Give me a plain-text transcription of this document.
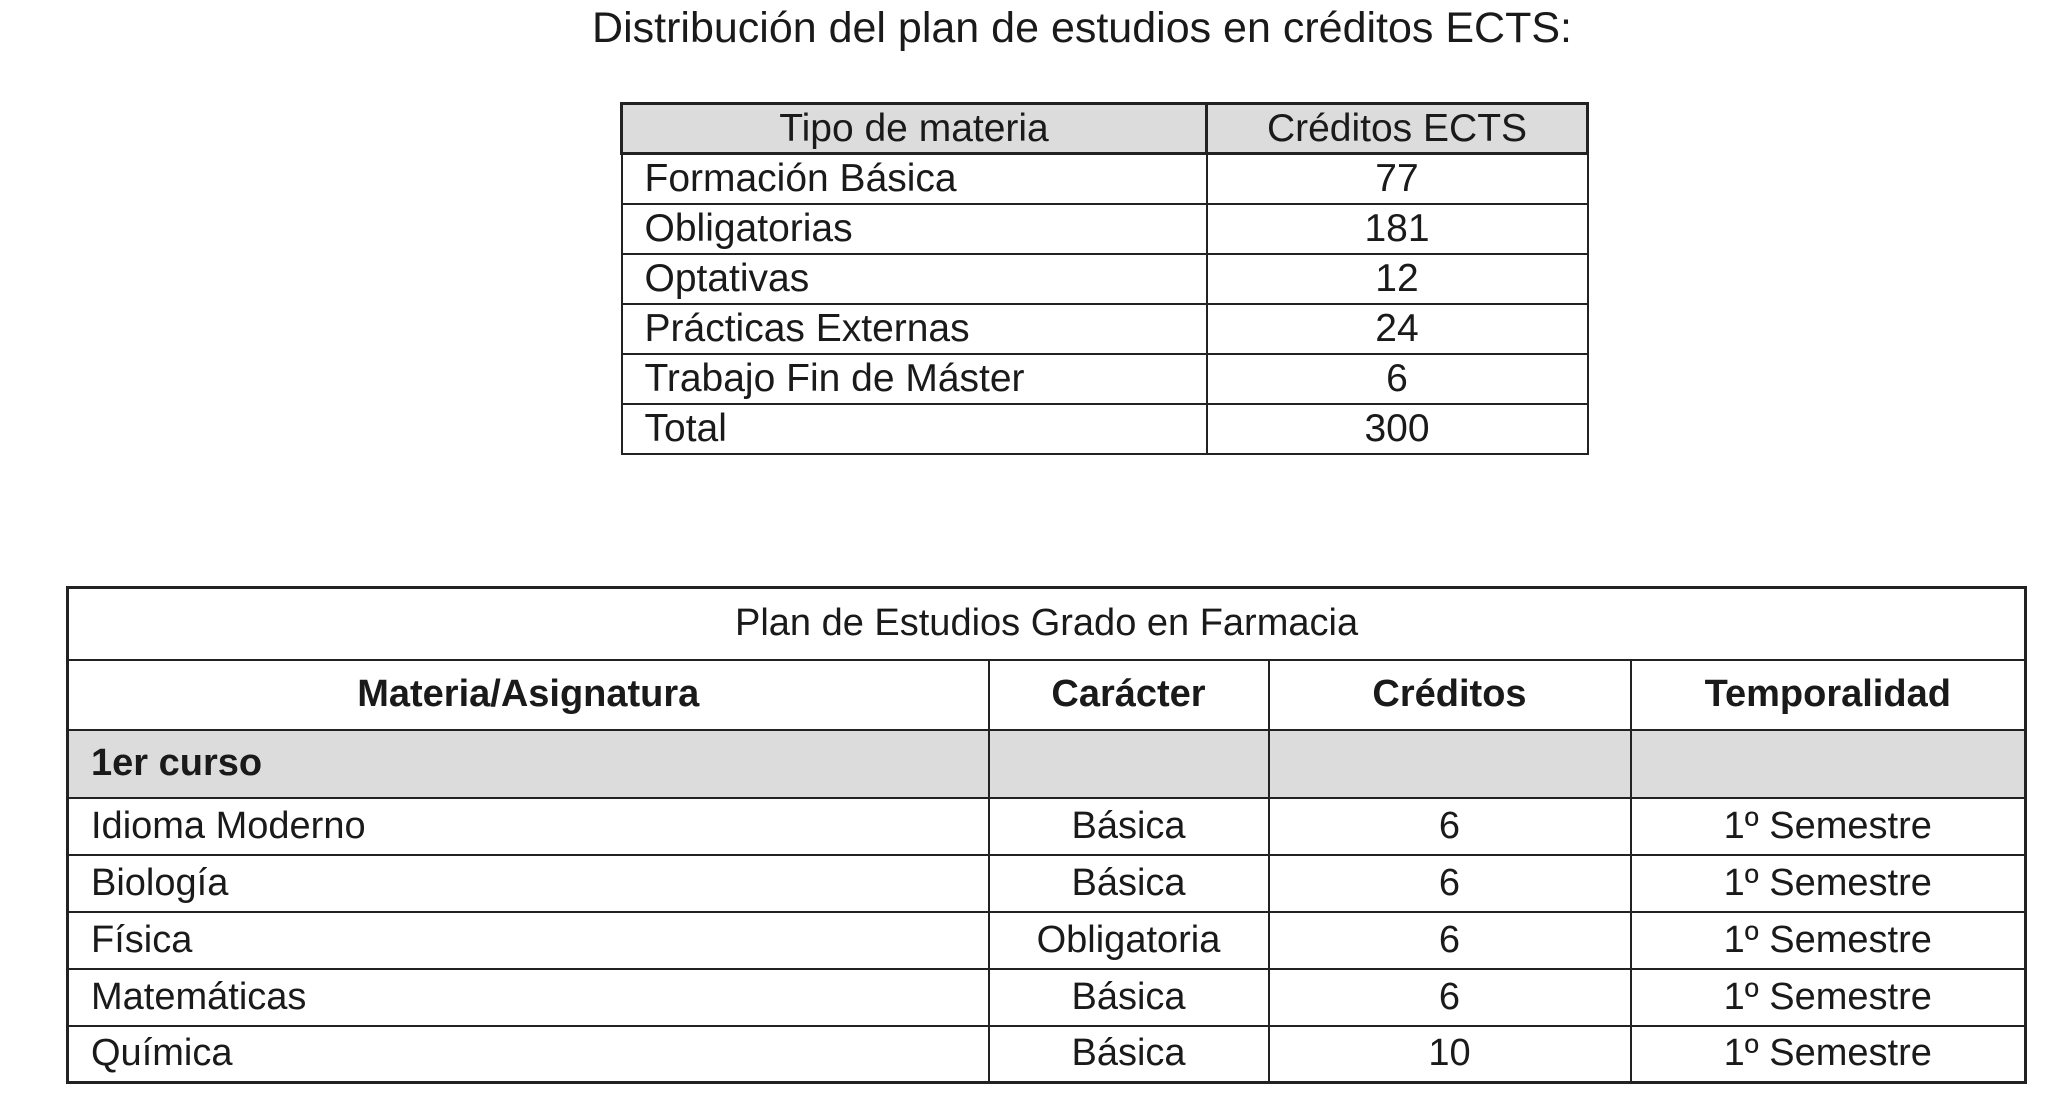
Distribución del plan de estudios en créditos ECTS:
Tipo de materia	Créditos ECTS
Formación Básica	77
Obligatorias	181
Optativas	12
Prácticas Externas	24
Trabajo Fin de Máster	6
Total	300
Plan de Estudios Grado en Farmacia			
Materia/Asignatura	Carácter	Créditos	Temporalidad
1er curso			
Idioma Moderno	Básica	6	1º Semestre
Biología	Básica	6	1º Semestre
Física	Obligatoria	6	1º Semestre
Matemáticas	Básica	6	1º Semestre
Química	Básica	10	1º Semestre
